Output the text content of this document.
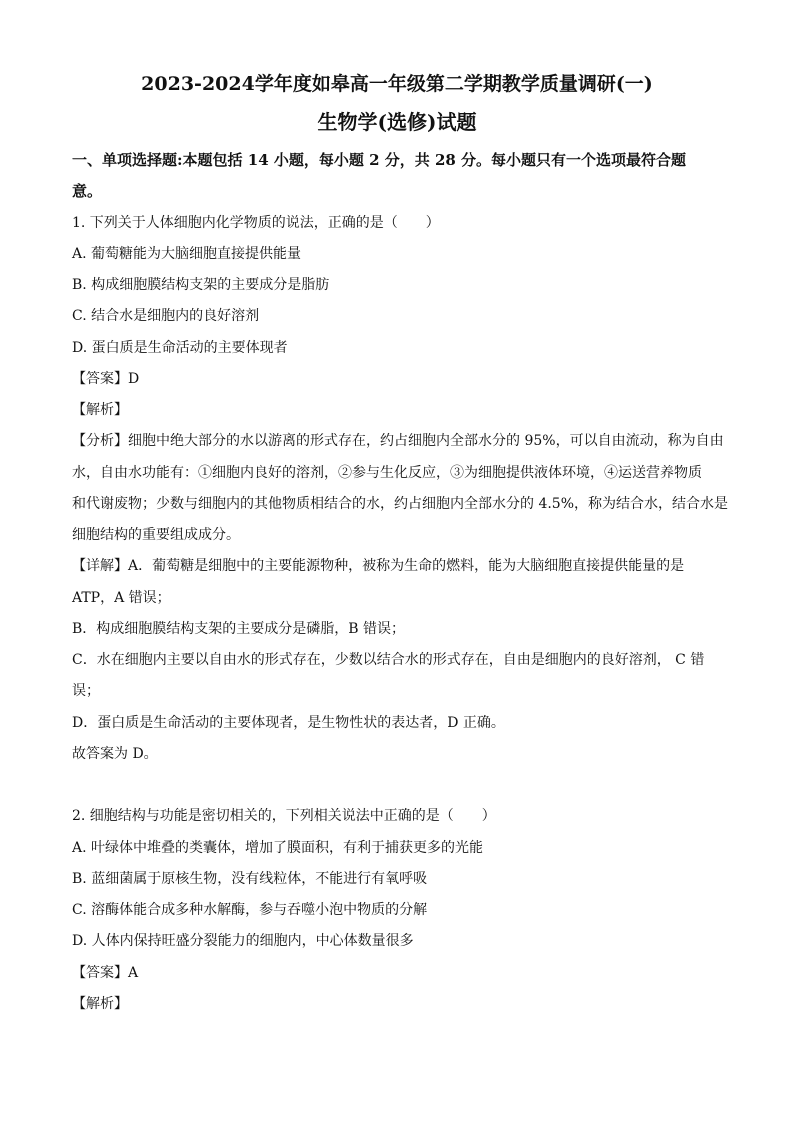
2023-2024学年度如皋高一年级第二学期教学质量调研(一)
生物学(选修)试题
一、单项选择题:本题包括 14 小题，每小题 2 分，共 28 分。每小题只有一个选项最符合题
意。
1. 下列关于人体细胞内化学物质的说法，正确的是（　　）
A. 葡萄糖能为大脑细胞直接提供能量
B. 构成细胞膜结构支架的主要成分是脂肪
C. 结合水是细胞内的良好溶剂
D. 蛋白质是生命活动的主要体现者
【答案】D
【解析】
【分析】细胞中绝大部分的水以游离的形式存在，约占细胞内全部水分的 95%，可以自由流动，称为自由
水，自由水功能有：①细胞内良好的溶剂，②参与生化反应，③为细胞提供液体环境，④运送营养物质
和代谢废物；少数与细胞内的其他物质相结合的水，约占细胞内全部水分的 4.5%，称为结合水，结合水是
细胞结构的重要组成成分。
【详解】A．葡萄糖是细胞中的主要能源物种，被称为生命的燃料，能为大脑细胞直接提供能量的是
ATP，A 错误；
B．构成细胞膜结构支架的主要成分是磷脂，B 错误；
C．水在细胞内主要以自由水的形式存在，少数以结合水的形式存在，自由是细胞内的良好溶剂， C 错
误；
D．蛋白质是生命活动的主要体现者，是生物性状的表达者，D 正确。
故答案为 D。
2. 细胞结构与功能是密切相关的，下列相关说法中正确的是（　　）
A. 叶绿体中堆叠的类囊体，增加了膜面积，有利于捕获更多的光能
B. 蓝细菌属于原核生物，没有线粒体，不能进行有氧呼吸
C. 溶酶体能合成多种水解酶，参与吞噬小泡中物质的分解
D. 人体内保持旺盛分裂能力的细胞内，中心体数量很多
【答案】A
【解析】
